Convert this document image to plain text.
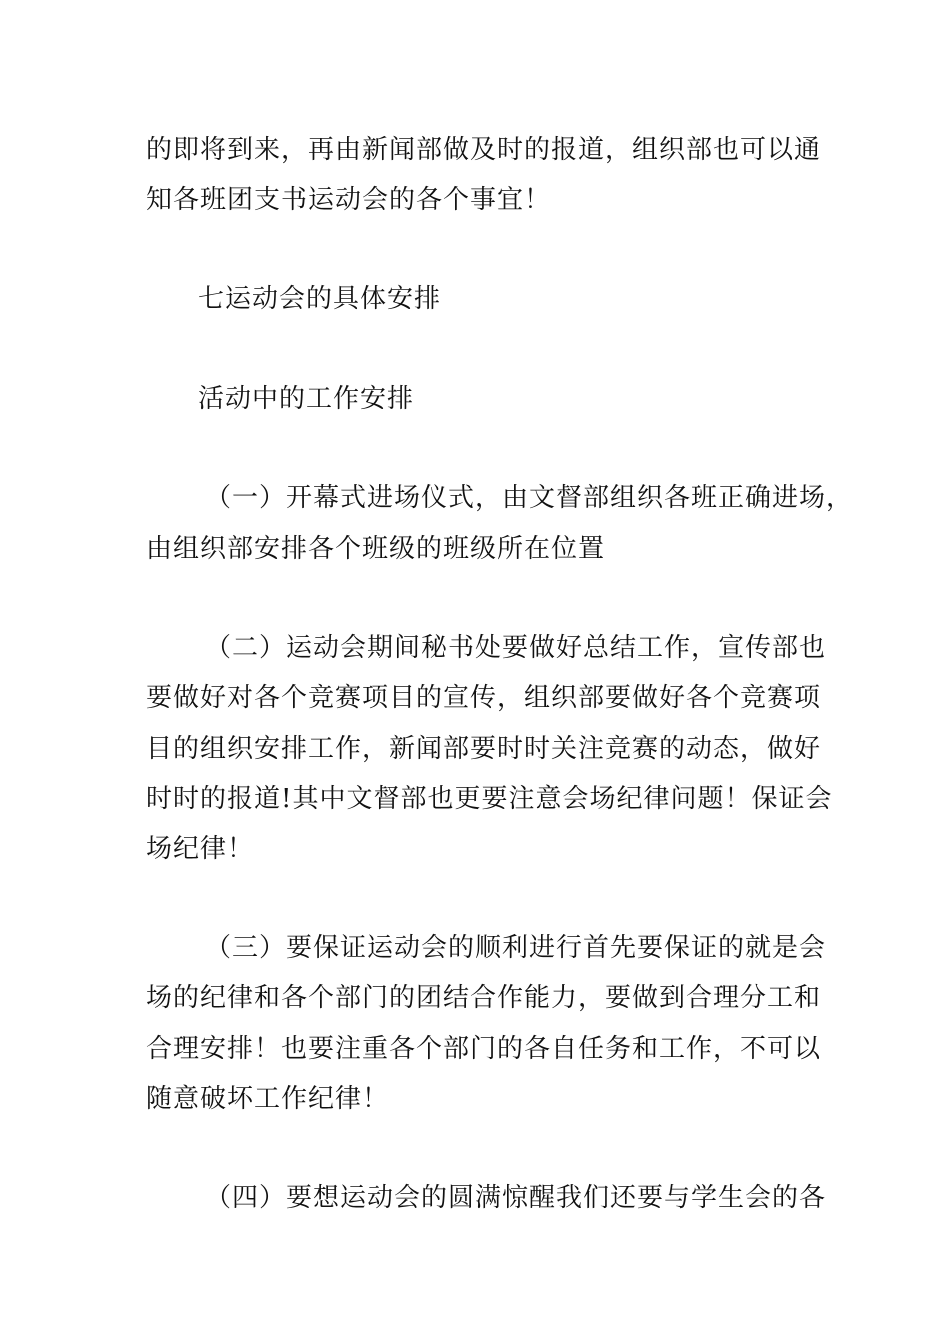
的即将到来，再由新闻部做及时的报道，组织部也可以通
知各班团支书运动会的各个事宜！
七运动会的具体安排
活动中的工作安排
（一）开幕式进场仪式，由文督部组织各班正确进场，
由组织部安排各个班级的班级所在位置
（二）运动会期间秘书处要做好总结工作，宣传部也
要做好对各个竞赛项目的宣传，组织部要做好各个竞赛项
目的组织安排工作，新闻部要时时关注竞赛的动态，做好
时时的报道!其中文督部也更要注意会场纪律问题！保证会
场纪律！
（三）要保证运动会的顺利进行首先要保证的就是会
场的纪律和各个部门的团结合作能力，要做到合理分工和
合理安排！也要注重各个部门的各自任务和工作，不可以
随意破坏工作纪律！
（四）要想运动会的圆满惊醒我们还要与学生会的各
